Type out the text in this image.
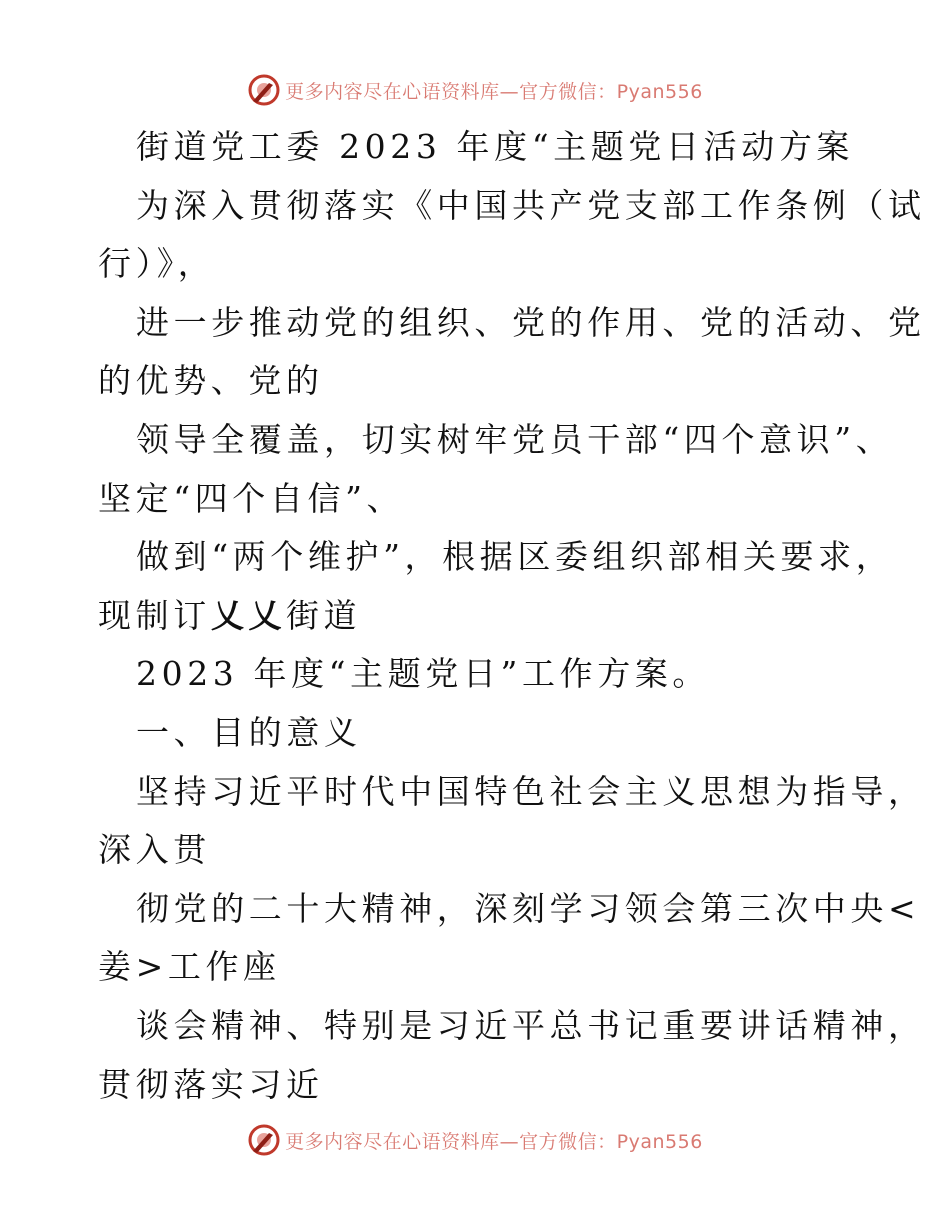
更多内容尽在心语资料库—官方微信：Pyan556
街道党工委 2023 年度“主题党日活动方案
为深入贯彻落实《中国共产党支部工作条例（试
行）》，
进一步推动党的组织、党的作用、党的活动、党
的优势、党的
领导全覆盖，切实树牢党员干部“四个意识”、
坚定“四个自信”、
做到“两个维护”，根据区委组织部相关要求，
现制订乂乂街道
2023 年度“主题党日”工作方案。
一、目的意义
坚持习近平时代中国特色社会主义思想为指导，
深入贯
彻党的二十大精神，深刻学习领会第三次中央<
姜>工作座
谈会精神、特别是习近平总书记重要讲话精神，
贯彻落实习近
更多内容尽在心语资料库—官方微信：Pyan556
